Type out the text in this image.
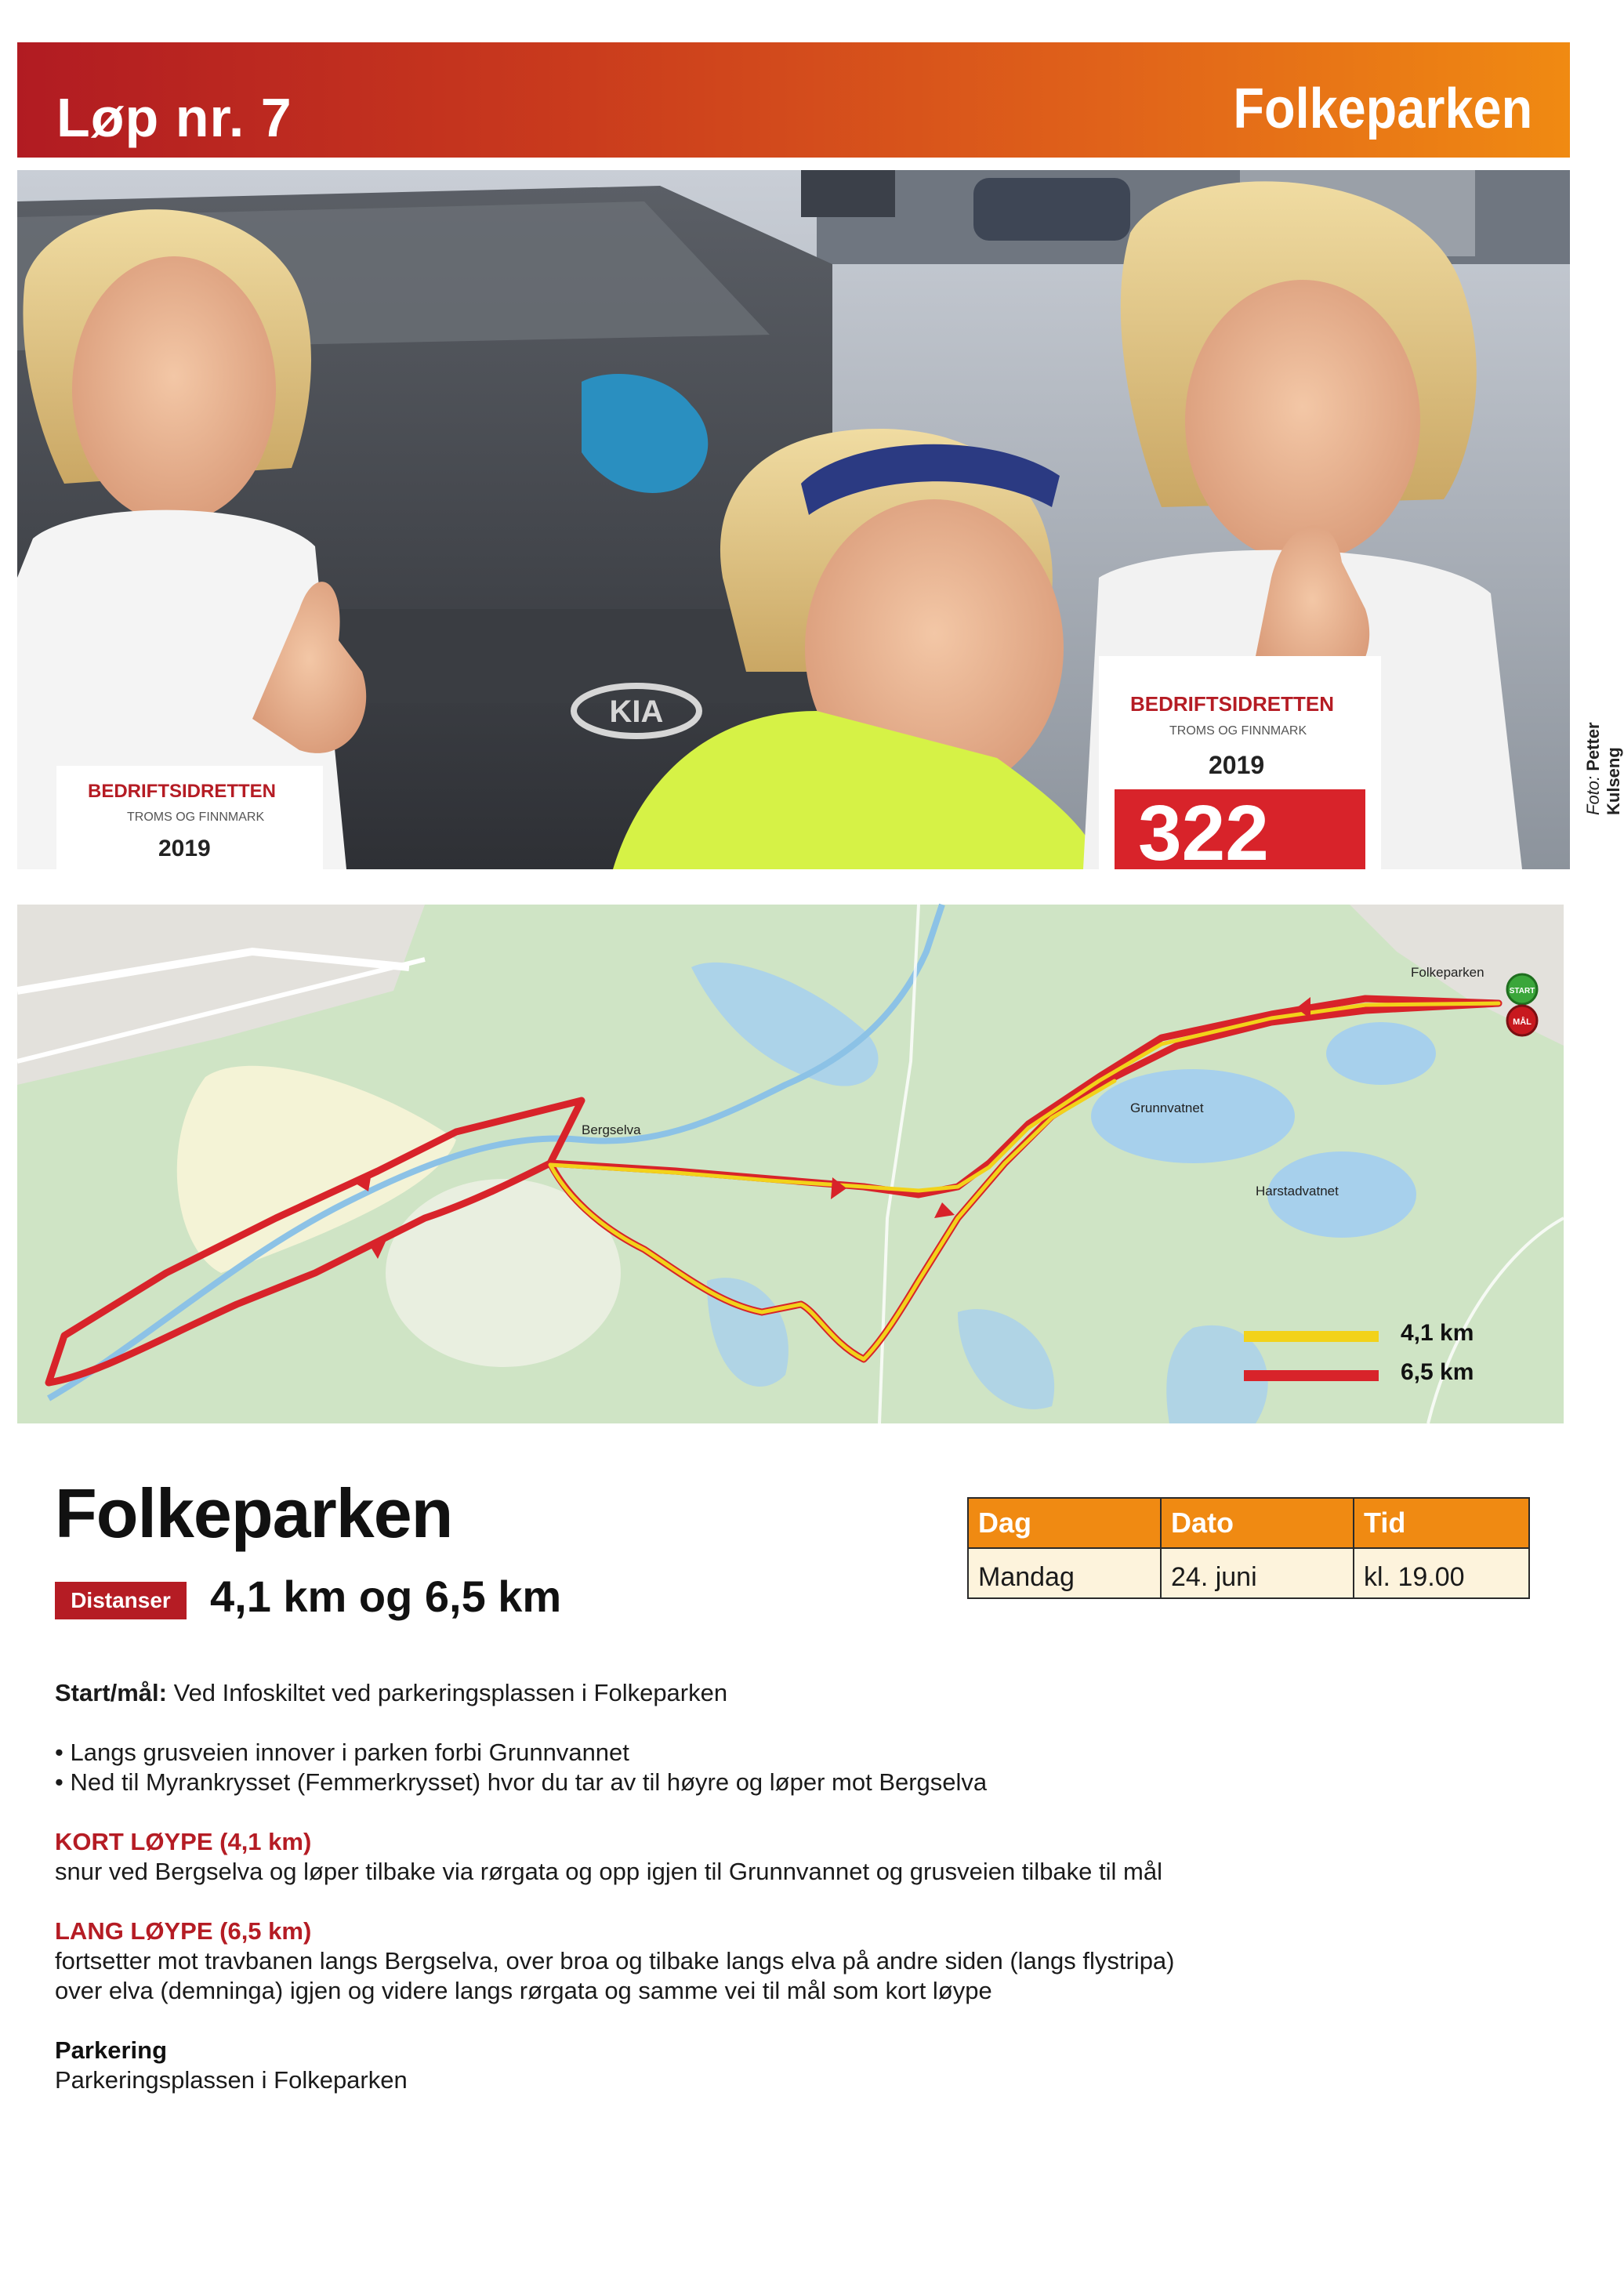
Løp nr. 7	Folkeparken
KIA
BEDRIFTSIDRETTEN
TROMS OG FINNMARK
2019
BEDRIFTSIDRETTEN
TROMS OG FINNMARK
2019
322	Foto: Petter Kulseng
START
MÅL
Folkeparken
Bergselva
Grunnvatnet
Harstadvatnet
4,1 km
6,5 km
Folkeparken
Distanser 4,1 km og 6,5 km
Dag	Dato	Tid
Mandag	24. juni	kl. 19.00
Start/mål: Ved Infoskiltet ved parkeringsplassen i Folkeparken
• Langs grusveien innover i parken forbi Grunnvannet
• Ned til Myrankrysset (Femmerkrysset) hvor du tar av til høyre og løper mot Bergselva
KORT LØYPE (4,1 km)
snur ved Bergselva og løper tilbake via rørgata og opp igjen til Grunnvannet og grusveien tilbake til mål
LANG LØYPE (6,5 km)
fortsetter mot travbanen langs Bergselva, over broa og tilbake langs elva på andre siden (langs flystripa)
over elva (demninga) igjen og videre langs rørgata og samme vei til mål som kort løype
Parkering
Parkeringsplassen i Folkeparken
